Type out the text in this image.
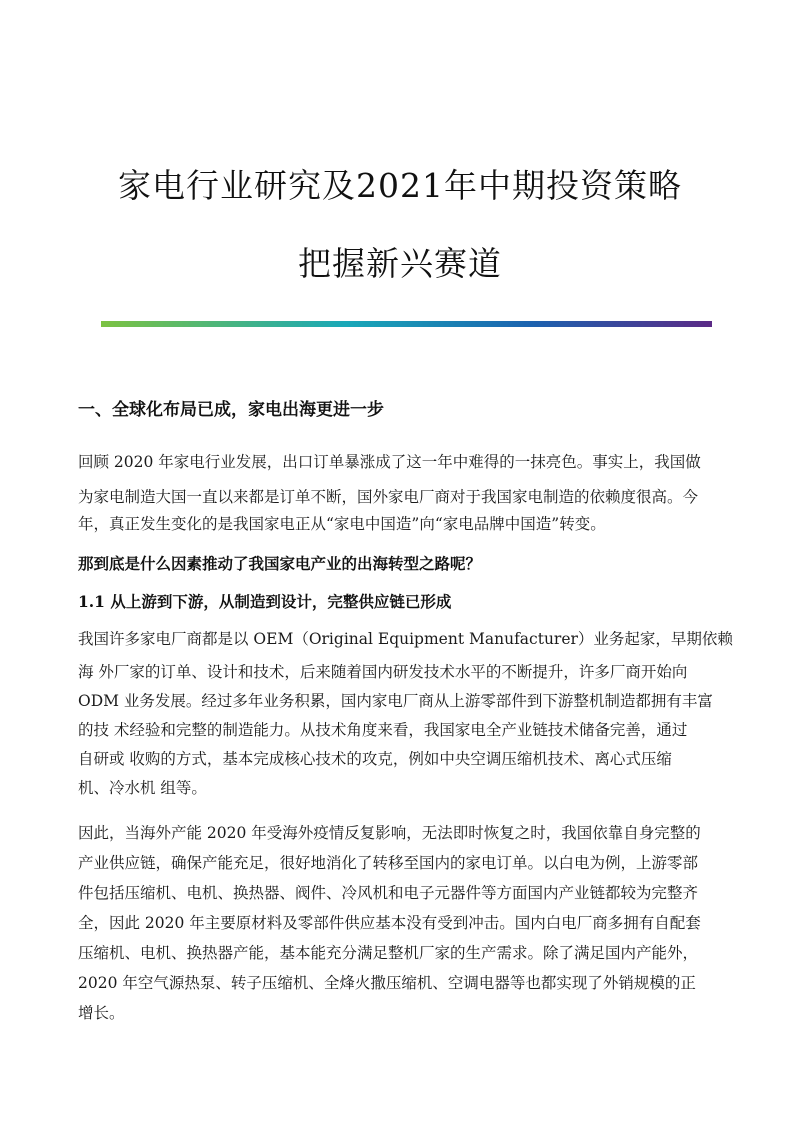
家电行业研究及2021年中期投资策略
把握新兴赛道
一、全球化布局已成，家电出海更进一步
回顾 2020 年家电行业发展，出口订单暴涨成了这一年中难得的一抹亮色。事实上，我国做
为家电制造大国一直以来都是订单不断，国外家电厂商对于我国家电制造的依赖度很高。今
年，真正发生变化的是我国家电正从“家电中国造”向“家电品牌中国造”转变。
那到底是什么因素推动了我国家电产业的出海转型之路呢？
1.1 从上游到下游，从制造到设计，完整供应链已形成
我国许多家电厂商都是以 OEM（Original Equipment Manufacturer）业务起家，早期依赖
海 外厂家的订单、设计和技术，后来随着国内研发技术水平的不断提升，许多厂商开始向
ODM 业务发展。经过多年业务积累，国内家电厂商从上游零部件到下游整机制造都拥有丰富
的技 术经验和完整的制造能力。从技术角度来看，我国家电全产业链技术储备完善，通过
自研或 收购的方式，基本完成核心技术的攻克，例如中央空调压缩机技术、离心式压缩
机、冷水机 组等。
因此，当海外产能 2020 年受海外疫情反复影响，无法即时恢复之时，我国依靠自身完整的
产业供应链，确保产能充足，很好地消化了转移至国内的家电订单。以白电为例，上游零部
件包括压缩机、电机、换热器、阀件、冷风机和电子元器件等方面国内产业链都较为完整齐
全，因此 2020 年主要原材料及零部件供应基本没有受到冲击。国内白电厂商多拥有自配套
压缩机、电机、换热器产能，基本能充分满足整机厂家的生产需求。除了满足国内产能外，
2020 年空气源热泵、转子压缩机、全烽火撒压缩机、空调电器等也都实现了外销规模的正
增长。
